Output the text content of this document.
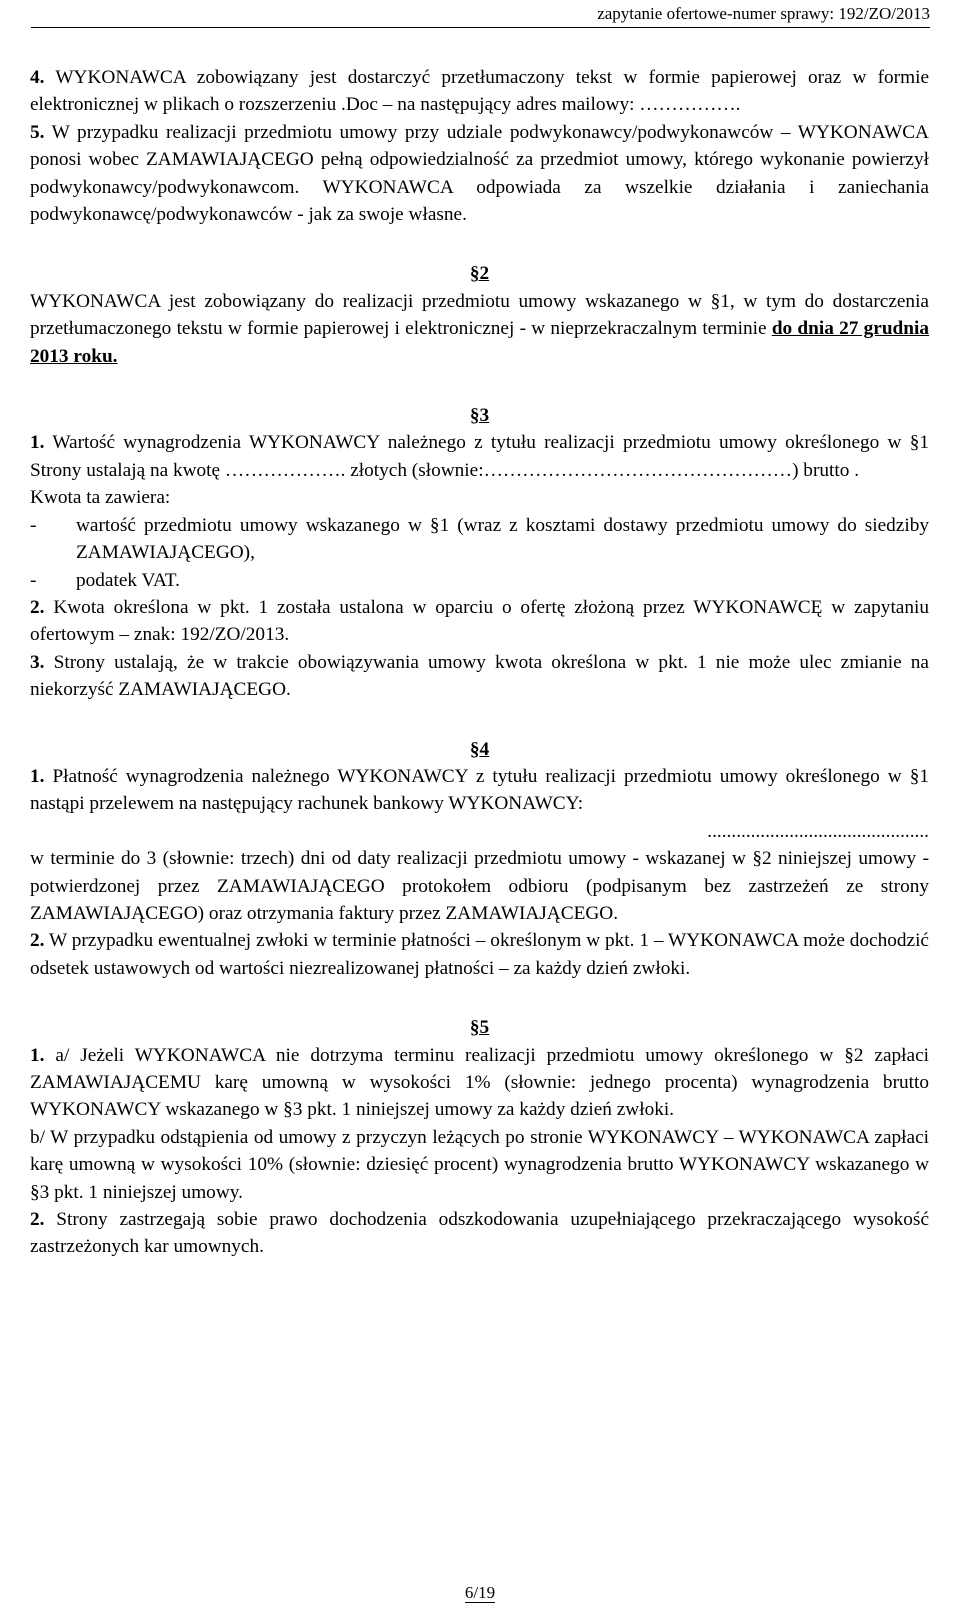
zapytanie ofertowe-numer sprawy: 192/ZO/2013

4. WYKONAWCA zobowiązany jest dostarczyć przetłumaczony tekst w formie papierowej oraz w formie elektronicznej w plikach o rozszerzeniu .Doc – na następujący adres mailowy: …………….

5. W przypadku realizacji przedmiotu umowy przy udziale podwykonawcy/podwykonawców – WYKONAWCA ponosi wobec ZAMAWIAJĄCEGO pełną odpowiedzialność za przedmiot umowy, którego wykonanie powierzył podwykonawcy/podwykonawcom. WYKONAWCA odpowiada za wszelkie działania i zaniechania podwykonawcę/podwykonawców - jak za swoje własne.

§2

WYKONAWCA jest zobowiązany do realizacji przedmiotu umowy wskazanego w §1, w tym do dostarczenia przetłumaczonego tekstu w formie papierowej i elektronicznej - w nieprzekraczalnym terminie do dnia 27 grudnia 2013 roku.

§3

1. Wartość wynagrodzenia WYKONAWCY należnego z tytułu realizacji przedmiotu umowy określonego w §1 Strony ustalają na kwotę ………………. złotych (słownie:…………………………………………) brutto .

Kwota ta zawiera:

- wartość przedmiotu umowy wskazanego w §1 (wraz z kosztami dostawy przedmiotu umowy do siedziby ZAMAWIAJĄCEGO),
- podatek VAT.

2. Kwota określona w pkt. 1 została ustalona w oparciu o ofertę złożoną przez WYKONAWCĘ w zapytaniu ofertowym – znak: 192/ZO/2013.

3. Strony ustalają, że w trakcie obowiązywania umowy kwota określona w pkt. 1 nie może ulec zmianie na niekorzyść ZAMAWIAJĄCEGO.

§4

1. Płatność wynagrodzenia należnego WYKONAWCY z tytułu realizacji przedmiotu umowy określonego w §1 nastąpi przelewem na następujący rachunek bankowy WYKONAWCY:

..............................................

w terminie do 3 (słownie: trzech) dni od daty realizacji przedmiotu umowy - wskazanej w §2 niniejszej umowy - potwierdzonej przez ZAMAWIAJĄCEGO protokołem odbioru (podpisanym bez zastrzeżeń ze strony ZAMAWIAJĄCEGO) oraz otrzymania faktury przez ZAMAWIAJĄCEGO.

2. W przypadku ewentualnej zwłoki w terminie płatności – określonym w pkt. 1 – WYKONAWCA może dochodzić odsetek ustawowych od wartości niezrealizowanej płatności – za każdy dzień zwłoki.

§5

1. a/ Jeżeli WYKONAWCA nie dotrzyma terminu realizacji przedmiotu umowy określonego w §2 zapłaci ZAMAWIAJĄCEMU karę umowną w wysokości 1% (słownie: jednego procenta) wynagrodzenia brutto WYKONAWCY wskazanego w §3 pkt. 1 niniejszej umowy za każdy dzień zwłoki.

b/ W przypadku odstąpienia od umowy z przyczyn leżących po stronie WYKONAWCY – WYKONAWCA zapłaci karę umowną w wysokości 10% (słownie: dziesięć procent) wynagrodzenia brutto WYKONAWCY wskazanego w §3 pkt. 1 niniejszej umowy.

2. Strony zastrzegają sobie prawo dochodzenia odszkodowania uzupełniającego przekraczającego wysokość zastrzeżonych kar umownych.

6/19
